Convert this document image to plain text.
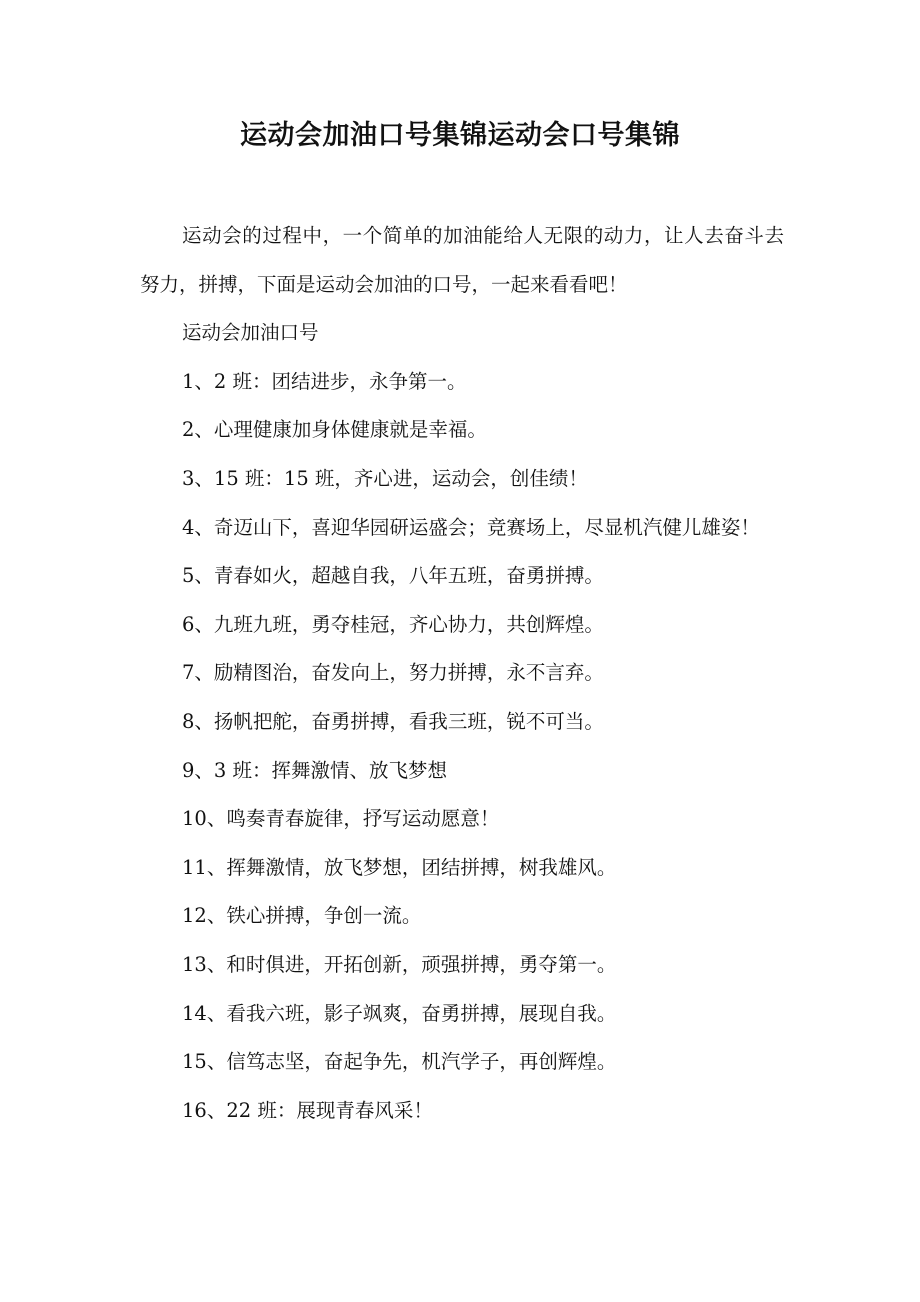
运动会加油口号集锦运动会口号集锦

运动会的过程中，一个简单的加油能给人无限的动力，让人去奋斗去努力，拼搏，下面是运动会加油的口号，一起来看看吧！

运动会加油口号

1、2 班：团结进步，永争第一。

2、心理健康加身体健康就是幸福。

3、15 班：15 班，齐心进，运动会，创佳绩！

4、奇迈山下，喜迎华园研运盛会；竞赛场上，尽显机汽健儿雄姿！

5、青春如火，超越自我，八年五班，奋勇拼搏。

6、九班九班，勇夺桂冠，齐心协力，共创辉煌。

7、励精图治，奋发向上，努力拼搏，永不言弃。

8、扬帆把舵，奋勇拼搏，看我三班，锐不可当。

9、3 班：挥舞激情、放飞梦想

10、鸣奏青春旋律，抒写运动愿意！

11、挥舞激情，放飞梦想，团结拼搏，树我雄风。

12、铁心拼搏，争创一流。

13、和时俱进，开拓创新，顽强拼搏，勇夺第一。

14、看我六班，影子飒爽，奋勇拼搏，展现自我。

15、信笃志坚，奋起争先，机汽学子，再创辉煌。

16、22 班：展现青春风采！
